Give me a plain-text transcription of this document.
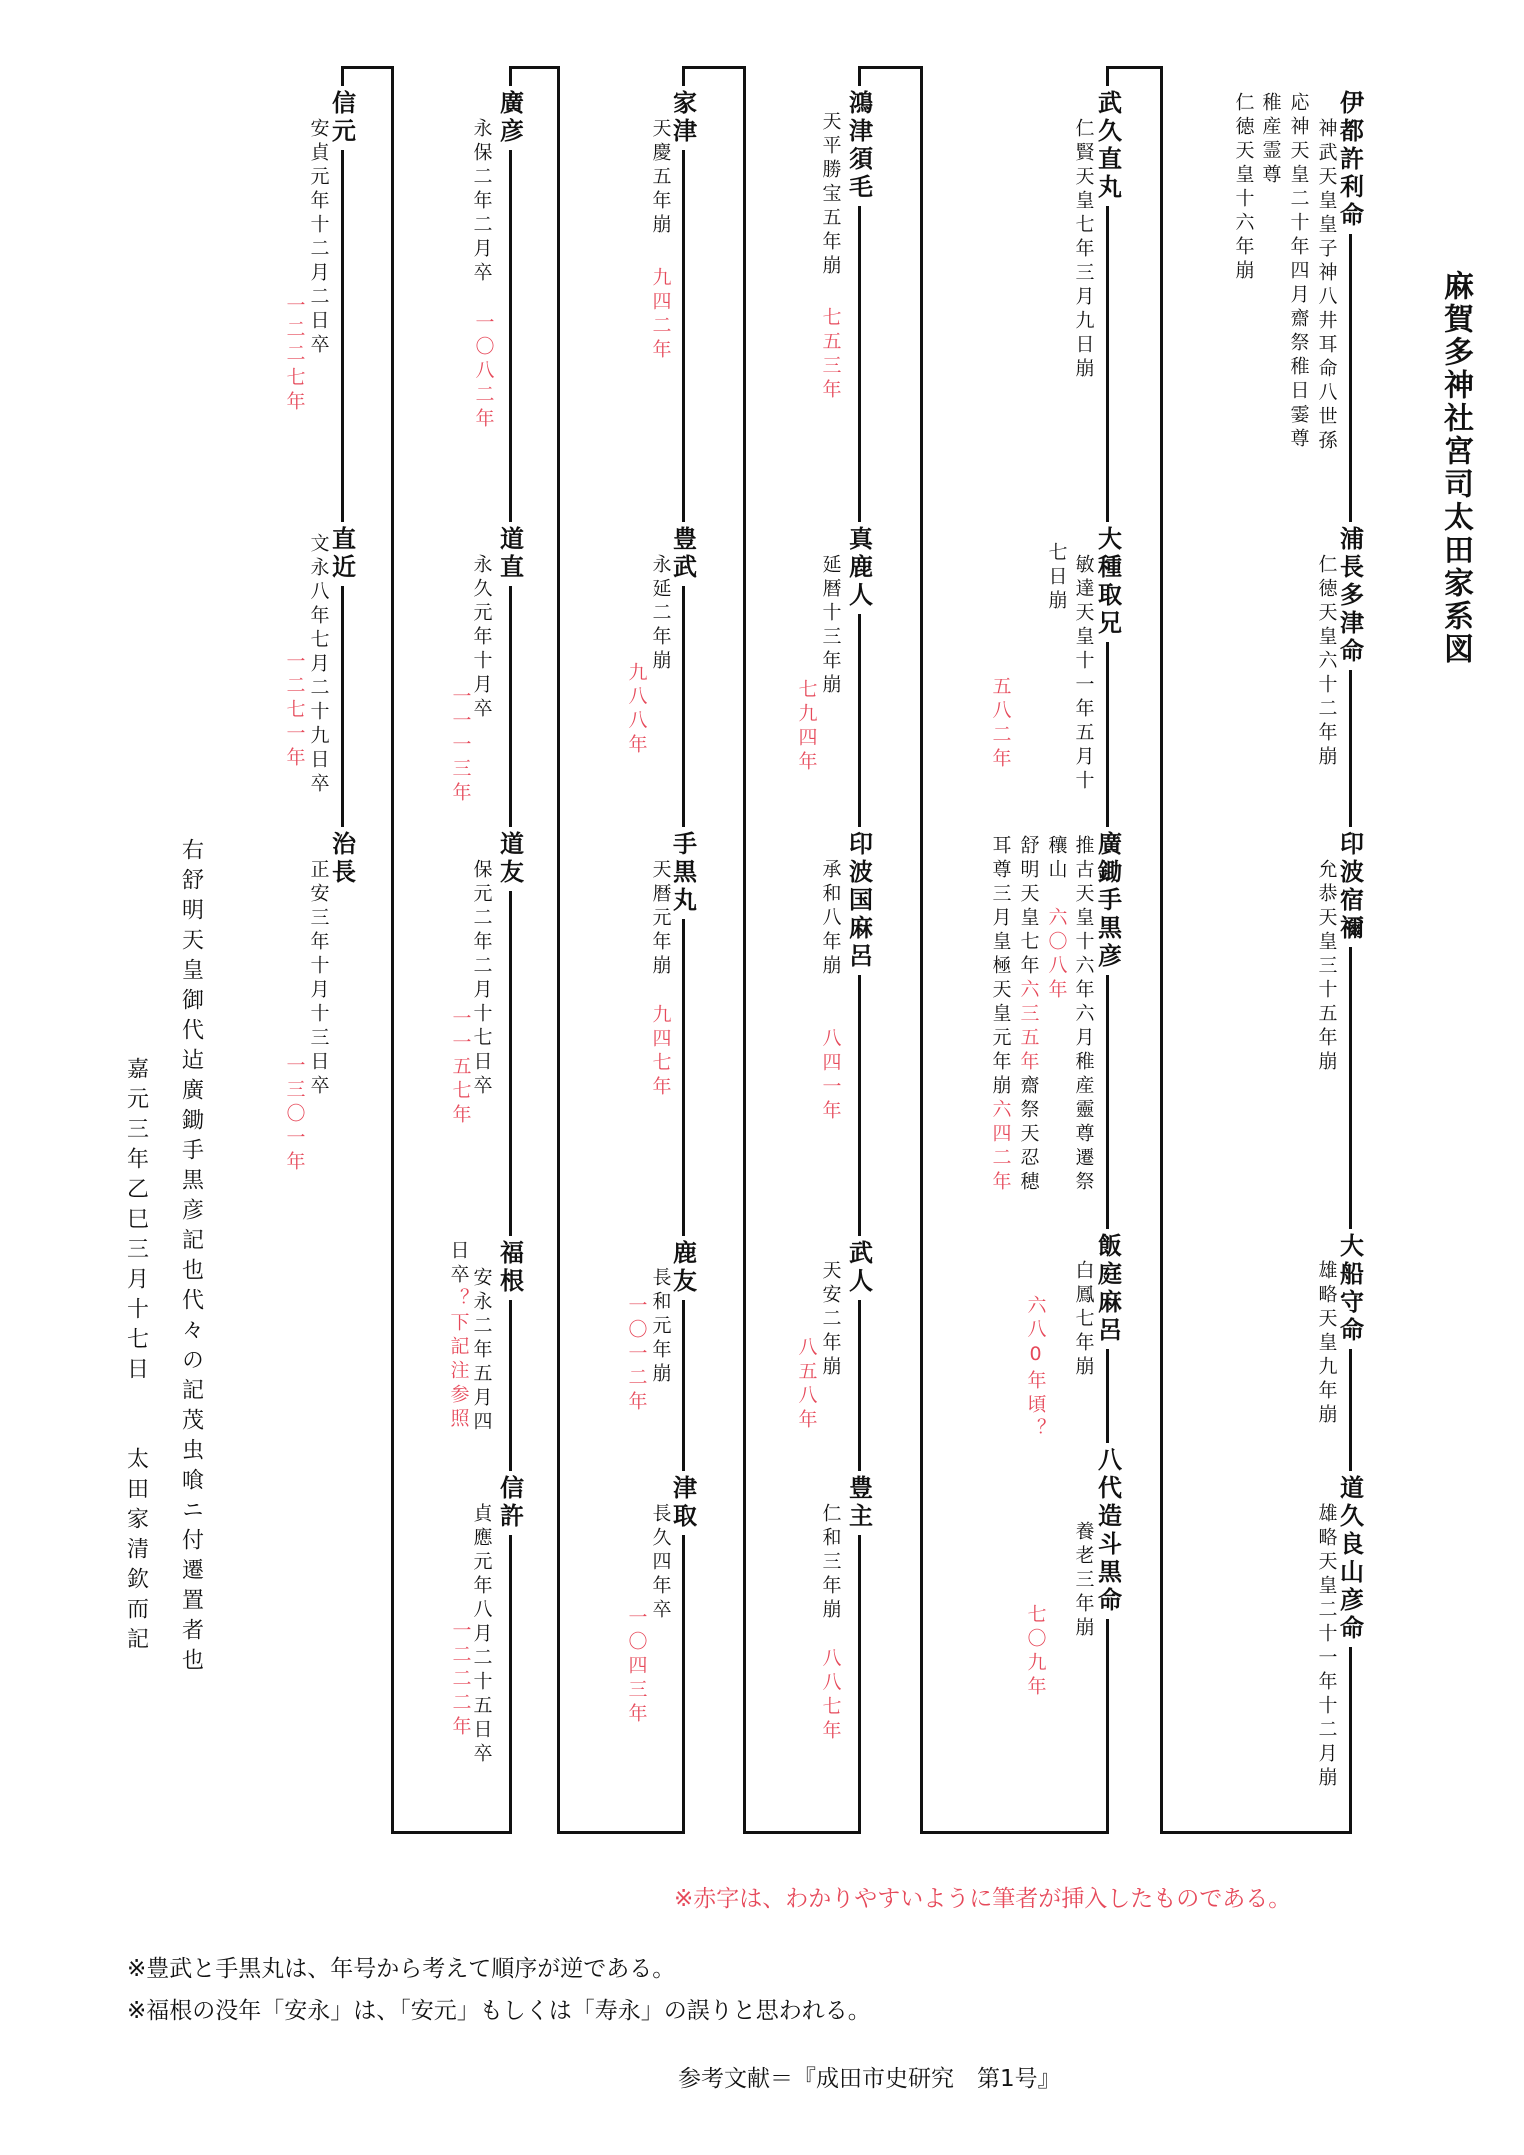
麻賀多神社宮司太田家系図
伊都許利命
神武天皇皇子神八井耳命八世孫
応神天皇二十年四月齋祭稚日霎尊
稚産霊尊
仁徳天皇十六年崩
浦長多津命
仁徳天皇六十二年崩
印波宿禰
允恭天皇三十五年崩
大船守命
雄略天皇九年崩
道久良山彦命
雄略天皇二十一年十二月崩
武久直丸
仁賢天皇七年三月九日崩
大種取兄
敏達天皇十一年五月十
七日崩
五八二年
廣鋤手黒彦
推古天皇十六年六月稚産靈尊遷祭
穰山六〇八年
舒明天皇七年六三五年齋祭天忍穂
耳尊三月皇極天皇元年崩六四二年
飯庭麻呂
白鳳七年崩
六八0年頃？
八代造斗黒命
養老三年崩
七〇九年
鴻津須毛
天平勝宝五年崩
七五三年
真鹿人
延暦十三年崩
七九四年
印波国麻呂
承和八年崩
八四一年
武人
天安二年崩
八五八年
豊主
仁和三年崩
八八七年
家津
天慶五年崩
九四二年
豊武
永延二年崩
九八八年
手黒丸
天暦元年崩
九四七年
鹿友
長和元年崩
一〇一二年
津取
長久四年卒
一〇四三年
廣彦
永保二年二月卒
一〇八二年
道直
永久元年十月卒
一一一三年
道友
保元二年二月十七日卒
一一五七年
福根
安永二年五月四
日卒？下記注参照
信許
貞應元年八月二十五日卒
一二二二年
信元
安貞元年十二月二日卒
一二二七年
直近
文永八年七月二十九日卒
一二七一年
治長
正安三年十月十三日卒
一三〇一年
右舒明天皇御代迠廣鋤手黒彦記也代々の記茂虫喰ニ付遷置者也
嘉元三年乙巳三月十七日太田家清欽而記
※赤字は、わかりやすいように筆者が挿入したものである。
※豊武と手黒丸は、年号から考えて順序が逆である。
※福根の没年「安永」は、「安元」もしくは「寿永」の誤りと思われる。
参考文献＝『成田市史研究　第1号』
